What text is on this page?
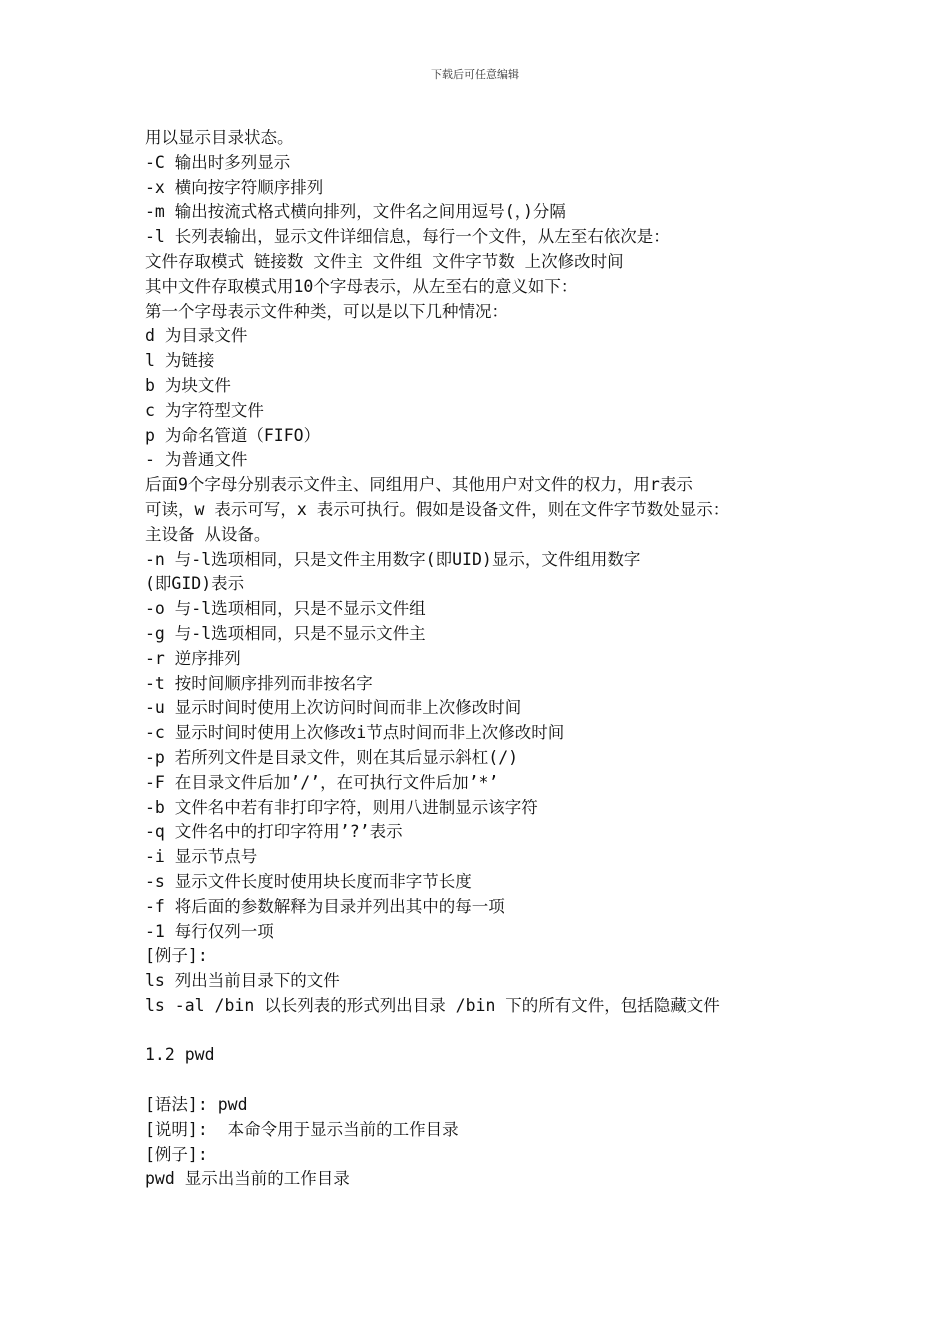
下载后可任意编辑
用以显示目录状态。
-C 输出时多列显示
-x 横向按字符顺序排列
-m 输出按流式格式横向排列，文件名之间用逗号(，)分隔
-l 长列表输出，显示文件详细信息，每行一个文件，从左至右依次是：
文件存取模式 链接数 文件主 文件组 文件字节数 上次修改时间
其中文件存取模式用10个字母表示，从左至右的意义如下：
第一个字母表示文件种类，可以是以下几种情况：
d 为目录文件
l 为链接
b 为块文件
c 为字符型文件
p 为命名管道（FIFO）
- 为普通文件
后面9个字母分别表示文件主、同组用户、其他用户对文件的权力，用r表示
可读，w 表示可写，x 表示可执行。假如是设备文件，则在文件字节数处显示：
主设备 从设备。
-n 与-l选项相同，只是文件主用数字(即UID)显示，文件组用数字
(即GID)表示
-o 与-l选项相同，只是不显示文件组
-g 与-l选项相同，只是不显示文件主
-r 逆序排列
-t 按时间顺序排列而非按名字
-u 显示时间时使用上次访问时间而非上次修改时间
-c 显示时间时使用上次修改i节点时间而非上次修改时间
-p 若所列文件是目录文件，则在其后显示斜杠(/)
-F 在目录文件后加’/’，在可执行文件后加’*’
-b 文件名中若有非打印字符，则用八进制显示该字符
-q 文件名中的打印字符用’?’表示
-i 显示节点号
-s 显示文件长度时使用块长度而非字节长度
-f 将后面的参数解释为目录并列出其中的每一项
-1 每行仅列一项
[例子]:
ls 列出当前目录下的文件
ls -al /bin 以长列表的形式列出目录 /bin 下的所有文件，包括隐藏文件
1.2 pwd
[语法]: pwd
[说明]:  本命令用于显示当前的工作目录
[例子]:
pwd 显示出当前的工作目录
